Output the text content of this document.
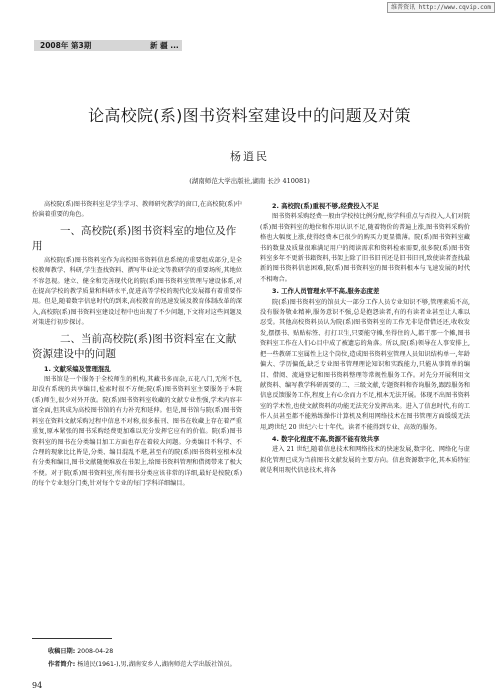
维普资讯 http://www.cqvip.com
2008年 第3期	新 疆 ...
论高校院(系)图书资料室建设中的问题及对策
杨逍民
(湖南师范大学出版社,湖南 长沙 410081)
高校院(系)图书资料室是学生学习、教师研究教学的窗口,在高校院(系)中扮演着重要的角色。
一、高校院(系)图书资料室的地位及作用
高校院(系)图书资料室作为高校图书资料信息系统的重要组成部分,是全校教师教学、科研,学生查找资料、撰写毕业论文等教研学的重要场所,其地位不容忽视。建立、健全和完善现代化的院(系)图书资料室管理与建设体系,对在提高学校的教学质量和科研水平,促进高等学校的现代化发展都有着重要作用。但是,随着数字信息时代的到来,高校教育的迅速发展及教育体制改革的深入,高校院(系)图书资料室建设过程中也出现了不少问题,下文将对这些问题及对策进行初步探讨。
二、当前高校院(系)图书资料室在文献资源建设中的问题
1. 文献采编及管理混乱
图书馆是一个服务于全校师生的机构,其藏书多而杂,五花八门,无所不包,却没有系统的共享编目,检索时很不方便;院(系)图书资料室主要服务于本院(系)师生,很少对外开放。院(系)图书资料室收藏的文献专业性强,学术内容丰富全面,但其成为高校图书馆的有力补充和延伸。但是,图书馆与院(系)图书资料室在资料文献采购过程中信息不对称,很多报刊、图书在收藏上存在着严重重复,原本紧张的图书采购经费更加难以充分发挥它应有的价值。院(系)图书资料室的图书在分类编目加工方面也存在着较大问题。分类编目不科学、不合理的现象比比皆是,分类、编目混乱不堪,甚至有的院(系)图书资料室根本没有分类和编目,图书文献随便堆放在书架上,给图书资料管理和借阅带来了极大不便。对于院(系)图书资料室,所有图书分类应该非常的详细,最好是按院(系)的每个专业划分门类,针对每个专业的每门学科详细编目。
2. 高校院(系)重视不够,经费投入不足
图书资料采购经费一般由学校按比例分配,按学科重点与否投入,人们对院(系)图书资料室的地位和作用认识不足,随着物价的普遍上涨,图书资料采购价格也大幅度上涨,使得经费本已很少的购买力更显微薄。院(系)图书资料室藏书的数量及质量很难满足用户的阅读需求和资料检索需要,很多院(系)图书资料室多年不更新书籍资料,书架上除了旧书旧刊还是旧书旧刊,致使读者查找最新的图书资料信息困难,院(系)图书资料室的图书资料根本与飞速发展的时代不相吻合。
3. 工作人员管理水平不高,服务态度差
院(系)图书资料室的馆员大一部分工作人员专业知识不够,管理素质不高,没有服务敬业精神,服务意识不强,总是抱怨读者,有的有读者业甚至让人难以忍受。其他高校资料员认为院(系)图书资料室的工作无非是借借还还,收收发发,摆摆书、贴贴标签、打打卫生,只要能守摊,坐得住的人,都干那一个摊,图书资料室工作在人们心目中成了被遗忘的角落。所以,院(系)领导在人事安排上,把一些教研工室属性上这个岗位,造成图书资料室管理人员知识结构单一,年龄偏大、学历偏低,缺乏专业图书管理理论知识和实践能力,只能从事简单的编目、借阅、流通登记和图书资料整理等常规性服务工作。对先分开展利用文献资料、编写教学科研需要的二、三级文献,专题资料和咨询服务,跟踪服务和信息反馈服务工作,程度上有心余而力不足,根本无法开展。体现不出图书资料室的学术性,也使文献资料的功能无法充分发挥出来。进入了信息时代,有的工作人员甚至都不能熟练操作计算机及利用网络技术在图书管理方面缓缓无法用,跨世纪 20 世纪六七十年代。读者不能得到专业、高效的服务。
4. 数字化程度不高,资源不能有效共享
进入 21 世纪,随着信息技术和网络技术的快速发展,数字化、网络化与虚拟化管理已成为当前图书文献发展的主要方向。信息资源数字化,其本质特征就是利用现代信息技术,将各
收稿日期: 2008-04-28
作者简介: 杨逍民(1961-),男,湖南安乡人,湖南师范大学出版社馆员。
94
